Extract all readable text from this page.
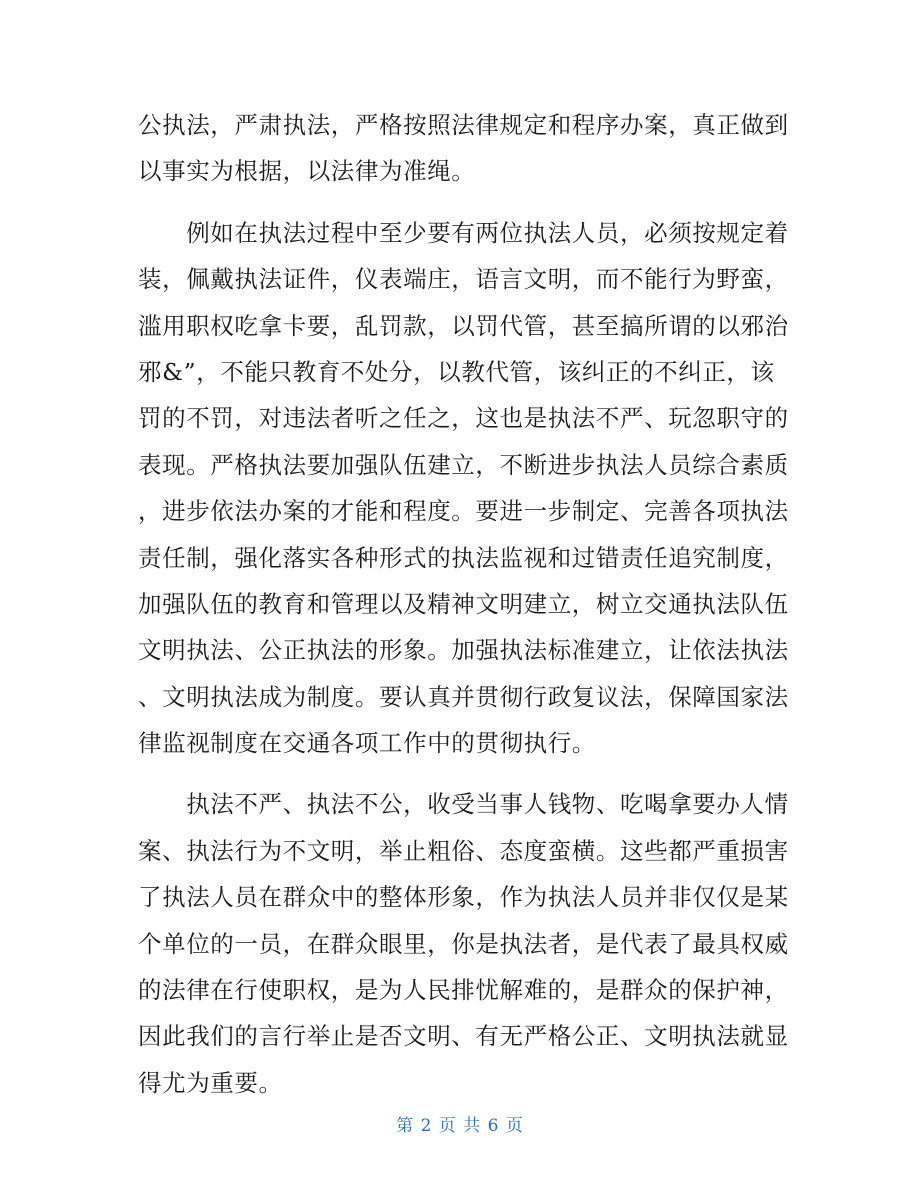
公执法，严肃执法，严格按照法律规定和程序办案，真正做到
以事实为根据，以法律为准绳。
　　例如在执法过程中至少要有两位执法人员，必须按规定着
装，佩戴执法证件，仪表端庄，语言文明，而不能行为野蛮，
滥用职权吃拿卡要，乱罚款，以罚代管，甚至搞所谓的以邪治
邪&”，不能只教育不处分，以教代管，该纠正的不纠正，该
罚的不罚，对违法者听之任之，这也是执法不严、玩忽职守的
表现。严格执法要加强队伍建立，不断进步执法人员综合素质
，进步依法办案的才能和程度。要进一步制定、完善各项执法
责任制，强化落实各种形式的执法监视和过错责任追究制度，
加强队伍的教育和管理以及精神文明建立，树立交通执法队伍
文明执法、公正执法的形象。加强执法标准建立，让依法执法
、文明执法成为制度。要认真并贯彻行政复议法，保障国家法
律监视制度在交通各项工作中的贯彻执行。
　　执法不严、执法不公，收受当事人钱物、吃喝拿要办人情
案、执法行为不文明，举止粗俗、态度蛮横。这些都严重损害
了执法人员在群众中的整体形象，作为执法人员并非仅仅是某
个单位的一员，在群众眼里，你是执法者，是代表了最具权威
的法律在行使职权，是为人民排忧解难的，是群众的保护神，
因此我们的言行举止是否文明、有无严格公正、文明执法就显
得尤为重要。
第 2 页 共 6 页
